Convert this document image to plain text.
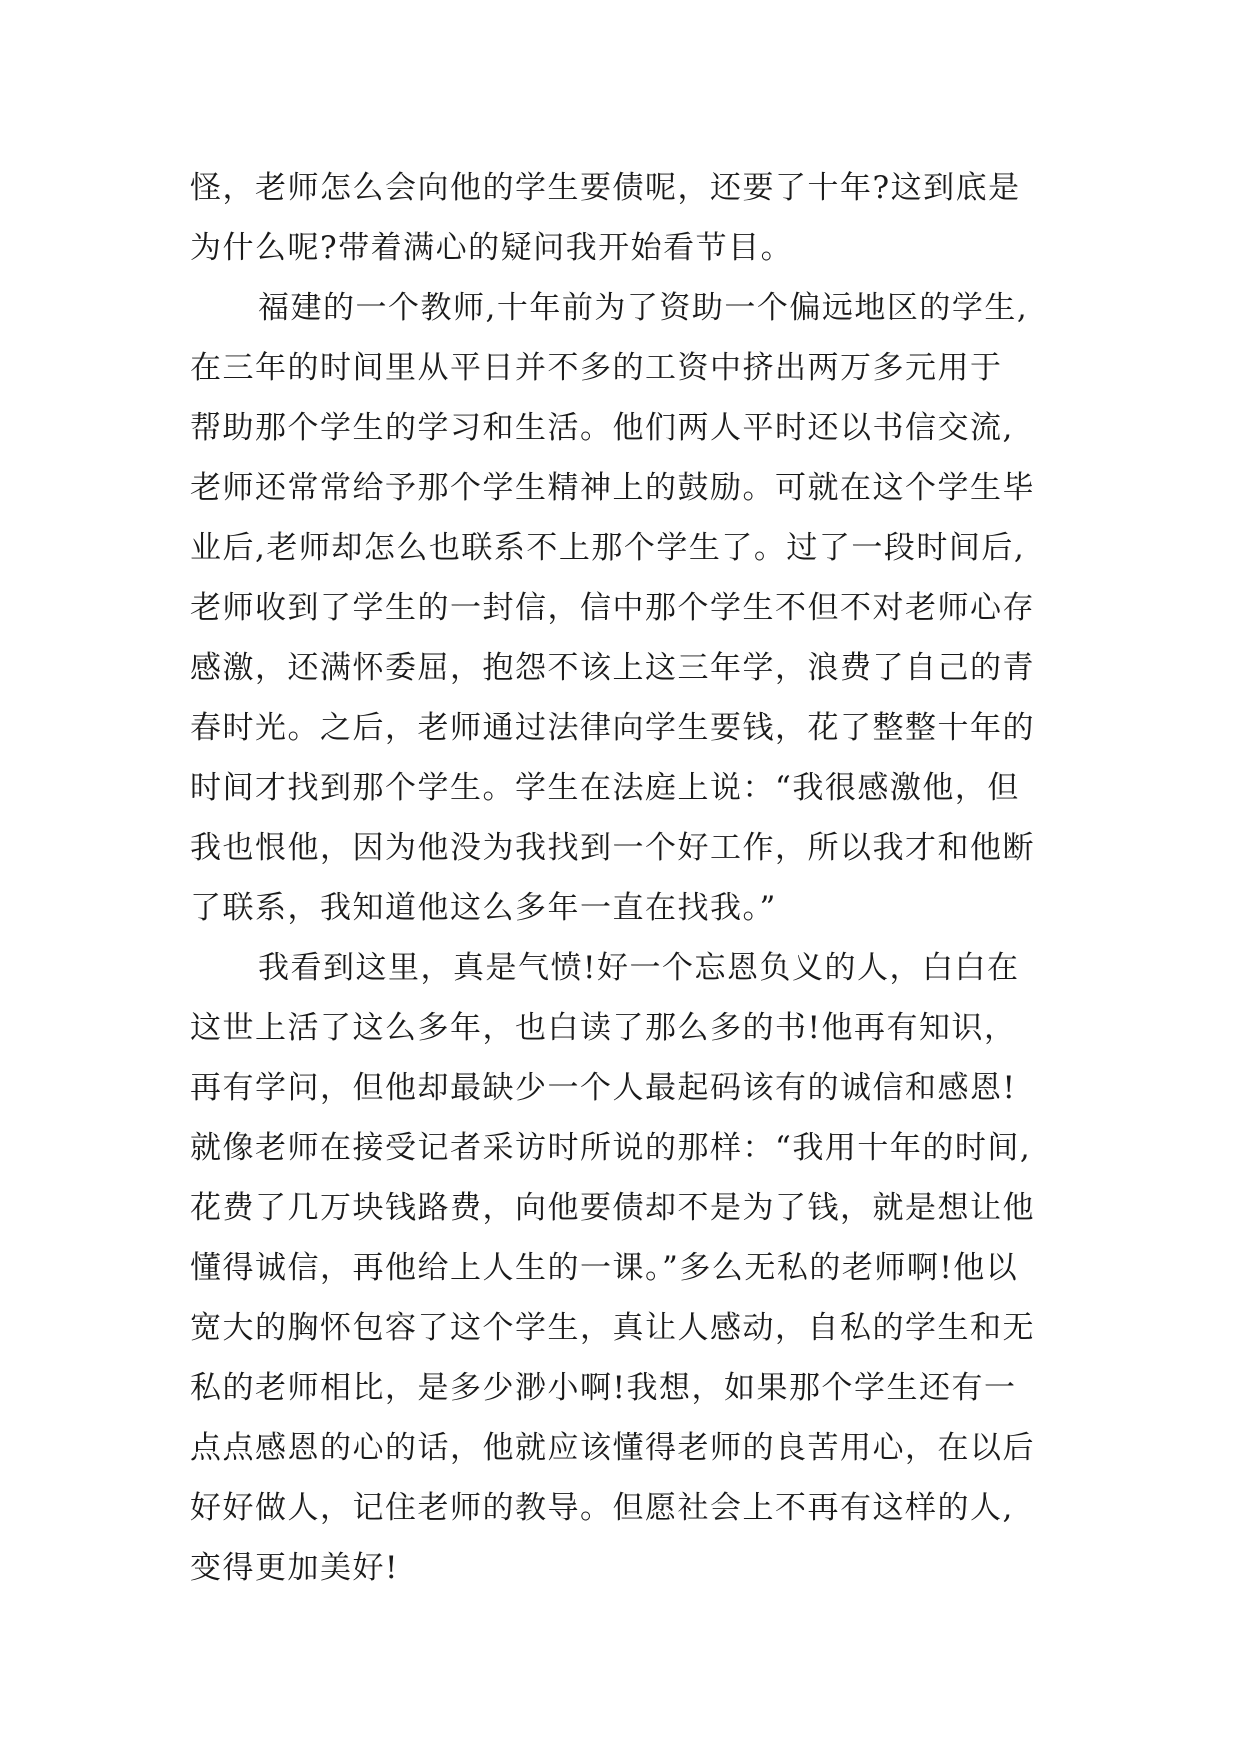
怪，老师怎么会向他的学生要债呢，还要了十年?这到底是
为什么呢?带着满心的疑问我开始看节目。
福建的一个教师,十年前为了资助一个偏远地区的学生,
在三年的时间里从平日并不多的工资中挤出两万多元用于
帮助那个学生的学习和生活。他们两人平时还以书信交流,
老师还常常给予那个学生精神上的鼓励。可就在这个学生毕
业后,老师却怎么也联系不上那个学生了。过了一段时间后,
老师收到了学生的一封信，信中那个学生不但不对老师心存
感激，还满怀委屈，抱怨不该上这三年学，浪费了自己的青
春时光。之后，老师通过法律向学生要钱，花了整整十年的
时间才找到那个学生。学生在法庭上说：“我很感激他，但
我也恨他，因为他没为我找到一个好工作，所以我才和他断
了联系，我知道他这么多年一直在找我。”
我看到这里，真是气愤!好一个忘恩负义的人，白白在
这世上活了这么多年，也白读了那么多的书!他再有知识，
再有学问，但他却最缺少一个人最起码该有的诚信和感恩!
就像老师在接受记者采访时所说的那样：“我用十年的时间,
花费了几万块钱路费，向他要债却不是为了钱，就是想让他
懂得诚信，再他给上人生的一课。”多么无私的老师啊!他以
宽大的胸怀包容了这个学生，真让人感动，自私的学生和无
私的老师相比，是多少渺小啊!我想，如果那个学生还有一
点点感恩的心的话，他就应该懂得老师的良苦用心，在以后
好好做人，记住老师的教导。但愿社会上不再有这样的人,
变得更加美好!
